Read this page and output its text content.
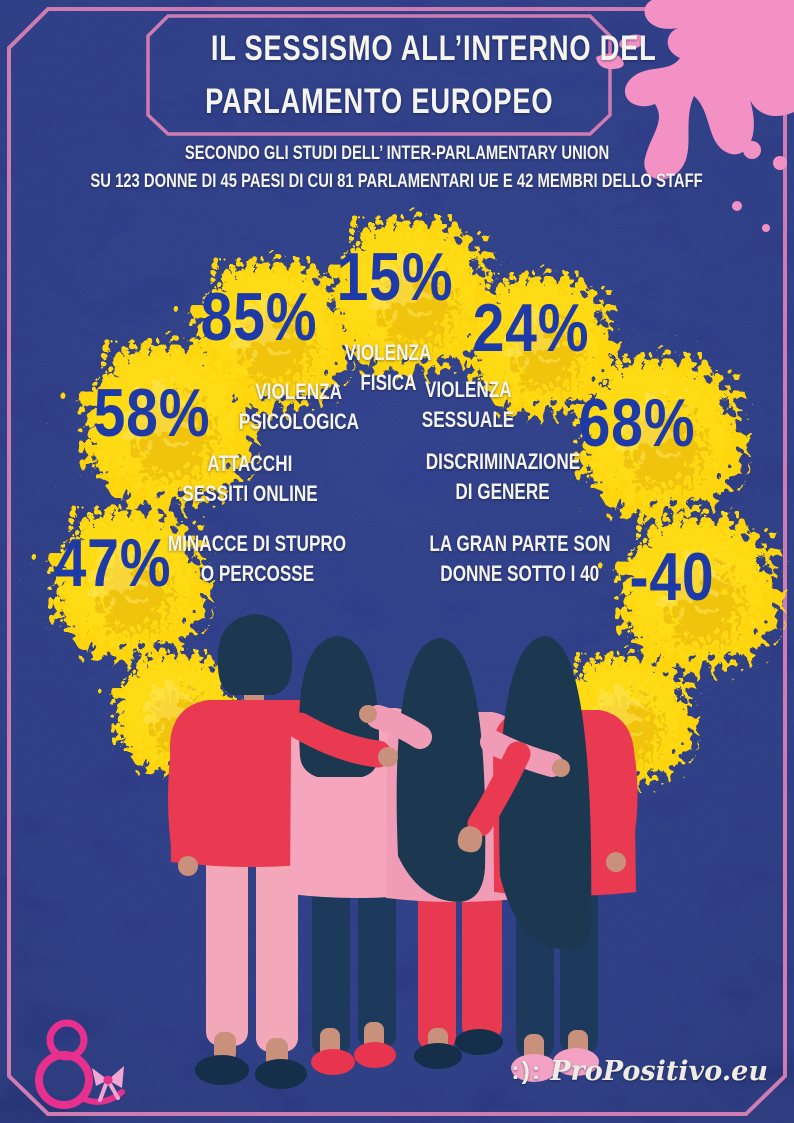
IL SESSISMO ALL’INTERNO DEL
PARLAMENTO EUROPEO
SECONDO GLI STUDI DELL’ INTER-PARLAMENTARY UNION
SU 123 DONNE DI 45 PAESI DI CUI 81 PARLAMENTARI UE E 42 MEMBRI DELLO STAFF
15%
85% 24%
58%	68%
47%	-40
VIOLENZA
FISICA
VIOLENZA
PSICOLOGICA
VIOLENZA
SESSUALE
ATTACCHI
SESSITI ONLINE
DISCRIMINAZIONE
DI GENERE
MINACCE DI STUPRO
O PERCOSSE
LA GRAN PARTE SON
DONNE SOTTO I 40
:): ProPositivo.eu
